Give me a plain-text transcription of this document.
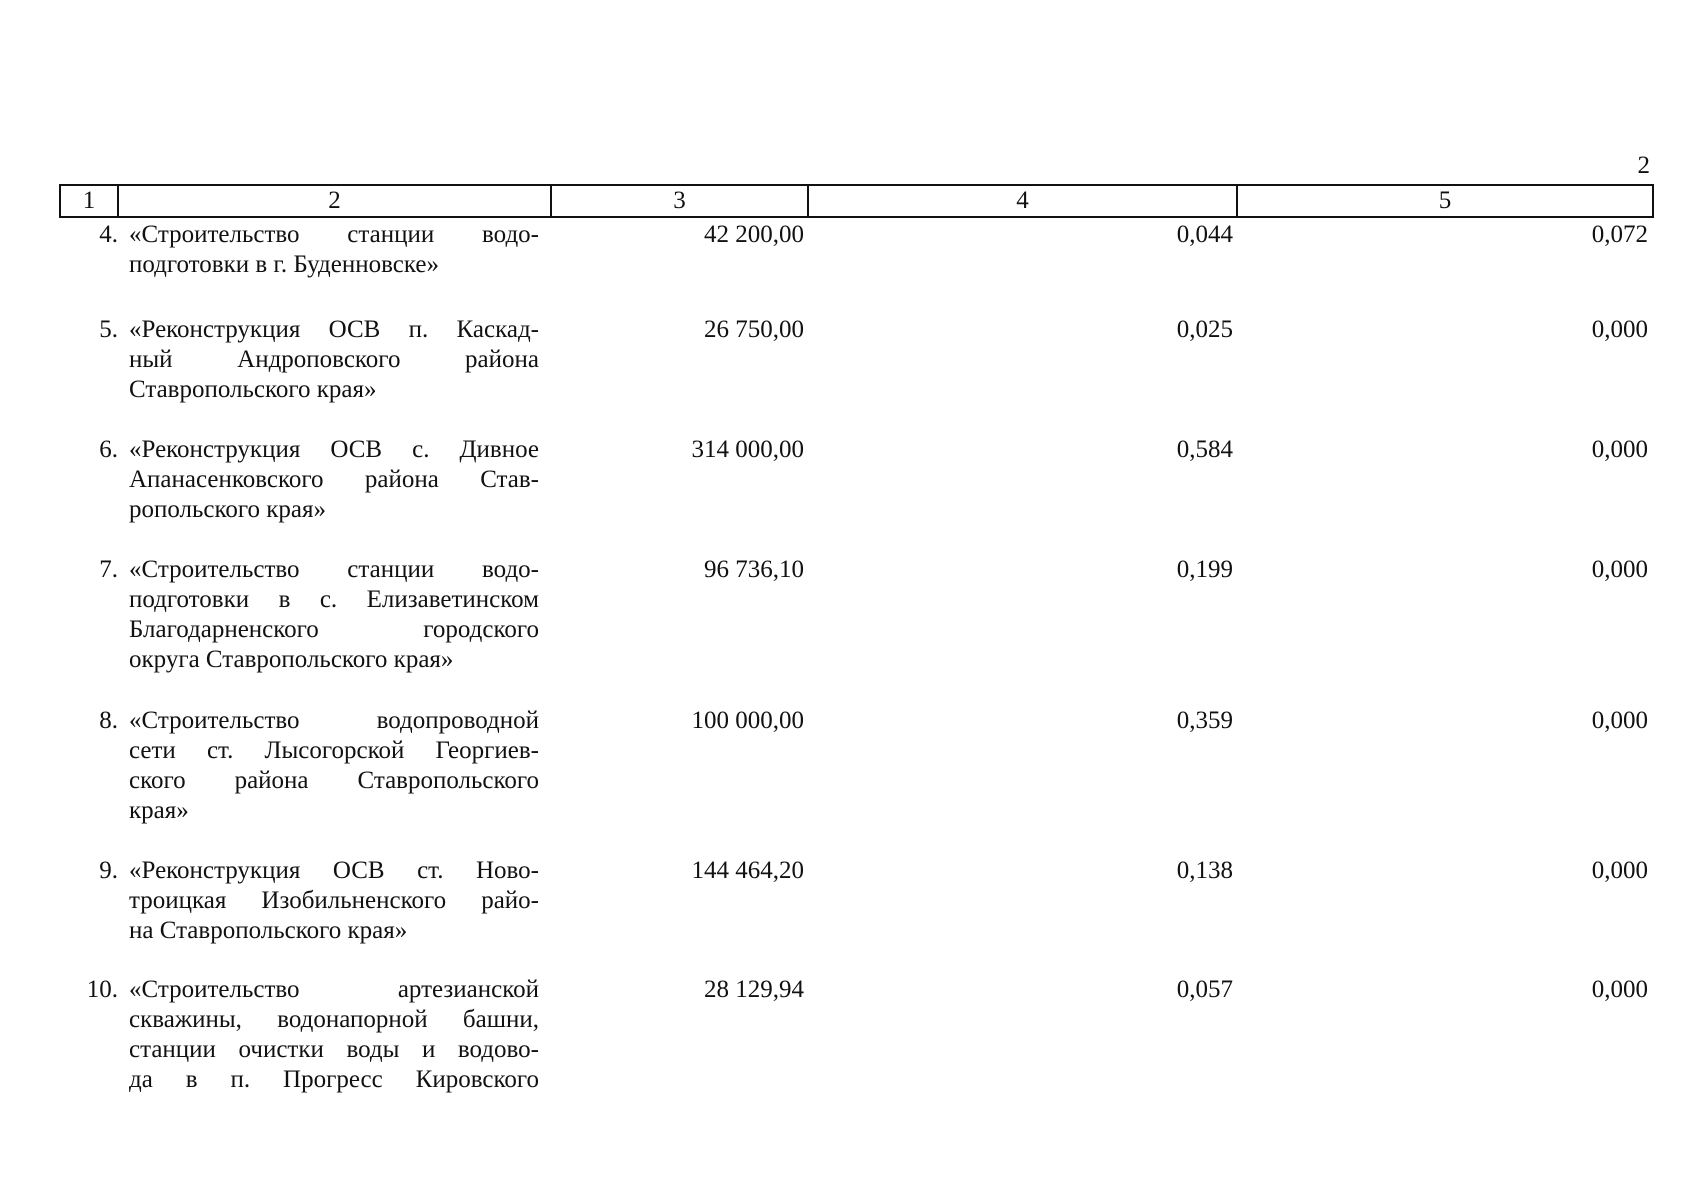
2
1	2	3	4	5
4. «Строительство станции водо-
подготовки в г. Буденновске»
42 200,00	0,044	0,072
5. «Реконструкция ОСВ п. Каскад-
ный Андроповского района
Ставропольского края»
26 750,00	0,025	0,000
6. «Реконструкция ОСВ с. Дивное
Апанасенковского района Став-
ропольского края»
314 000,00	0,584	0,000
7. «Строительство станции водо-
подготовки в с. Елизаветинском
Благодарненского городского
округа Ставропольского края»
96 736,10	0,199	0,000
8. «Строительство водопроводной
сети ст. Лысогорской Георгиев-
ского района Ставропольского
края»
100 000,00	0,359	0,000
9. «Реконструкция ОСВ ст. Ново-
троицкая Изобильненского райо-
на Ставропольского края»
144 464,20	0,138	0,000
10. «Строительство артезианской
скважины, водонапорной башни,
станции очистки воды и водово-
да в п. Прогресс Кировского
28 129,94	0,057	0,000
